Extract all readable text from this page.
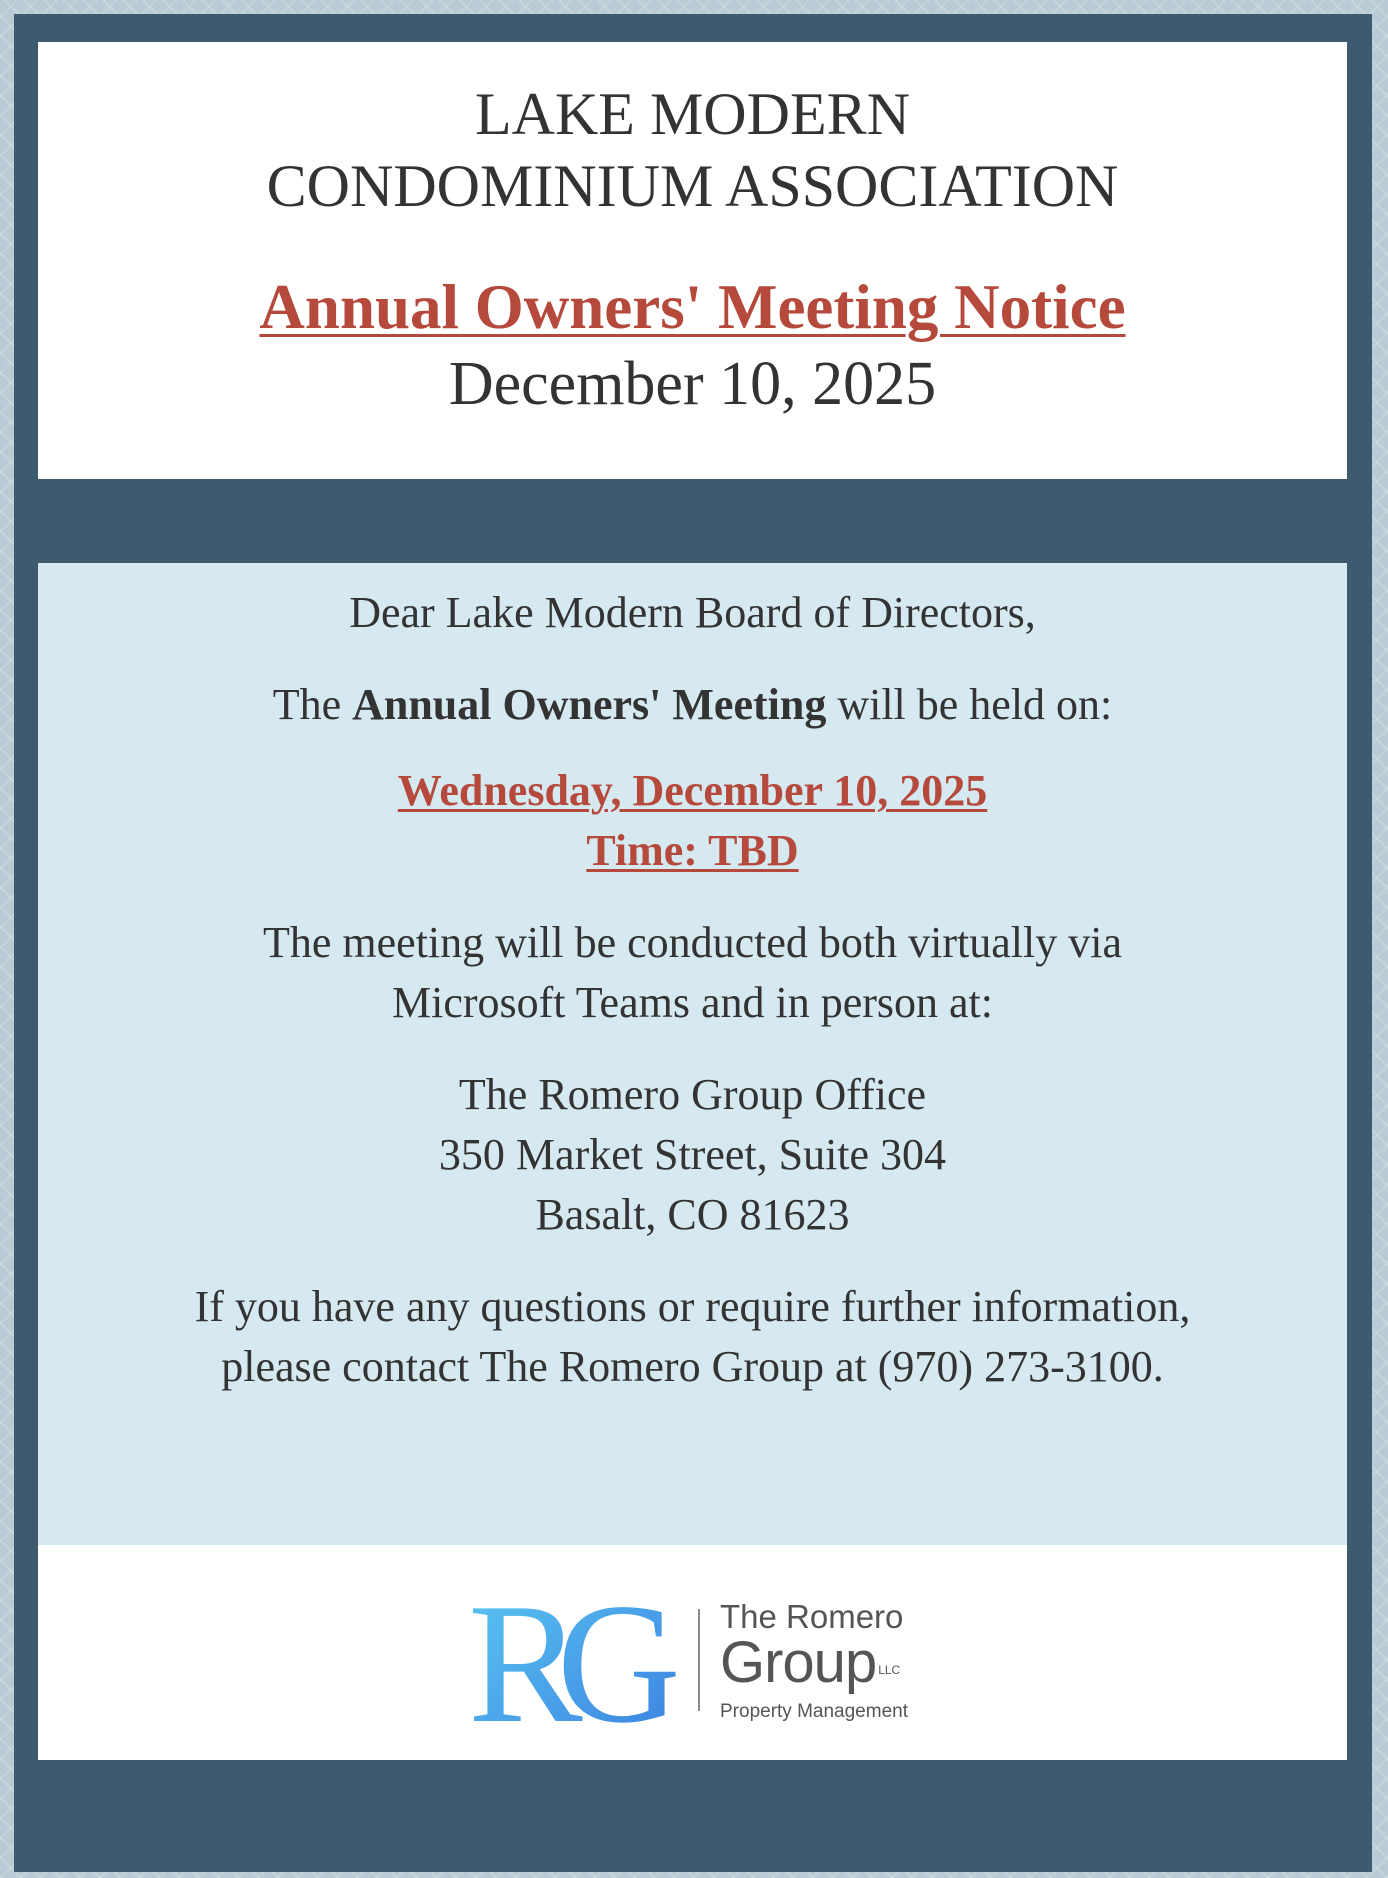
LAKE MODERN
CONDOMINIUM ASSOCIATION
Annual Owners' Meeting Notice
December 10, 2025

Dear Lake Modern Board of Directors,

The Annual Owners' Meeting will be held on:

Wednesday, December 10, 2025

Time: TBD

The meeting will be conducted both virtually via

Microsoft Teams and in person at:

The Romero Group Office

350 Market Street, Suite 304

Basalt, CO 81623

If you have any questions or require further information,

please contact The Romero Group at (970) 273-3100.

RG	The Romero
Group LLC
Property Management
